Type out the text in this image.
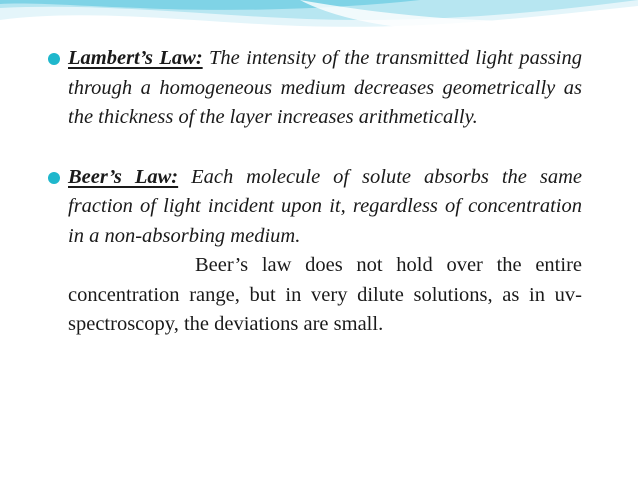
Lambert’s Law: The intensity of the transmitted light passing through a homogeneous medium decreases geometrically as the thickness of the layer increases arithmetically.
Beer’s Law: Each molecule of solute absorbs the same fraction of light incident upon it, regardless of concentration in a non-absorbing medium.
Beer’s law does not hold over the entire concentration range, but in very dilute solutions, as in uv-spectroscopy, the deviations are small.
